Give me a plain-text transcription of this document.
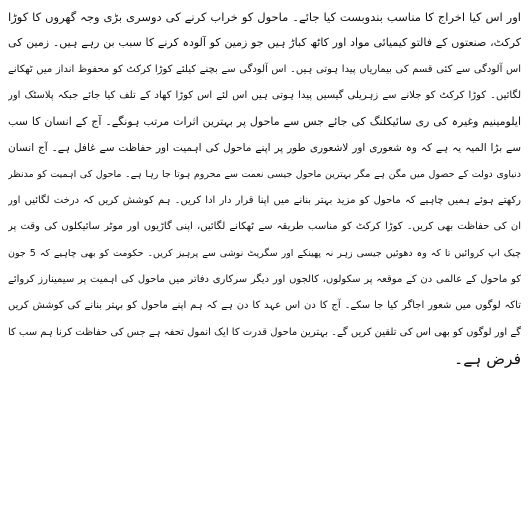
اور اس کیا اخراج کا مناسب بندوبست کیا جائے۔ ماحول کو خراب کرنے کی دوسری بڑی وجہ گھروں کا کوڑا
کرکٹ، صنعتوں کے فالتو کیمیائی مواد اور کاٹھ کباڑ ہیں جو زمین کو آلودہ کرنے کا سبب بن رہے ہیں۔ زمین کی
اس آلودگی سے کئی قسم کی بیماریاں پیدا ہوتی ہیں۔ اس آلودگی سے بچنے کیلئے کوڑا کرکٹ کو محفوظ انداز میں ٹھکانے
لگائیں۔ کوڑا کرکٹ کو جلانے سے زہریلی گیسیں پیدا ہوتی ہیں اس لئے اس کوڑا کھاد کے تلف کیا جائے جبکہ پلاسٹک اور
ایلومینیم وغیرہ کی ری سائیکلنگ کی جائے جس سے ماحول پر بہترین اثرات مرتب ہونگے۔ آج کے انسان کا سب
سے بڑا المیہ یہ ہے کہ وہ شعوری اور لاشعوری طور پر اپنے ماحول کی اہمیت اور حفاظت سے غافل ہے۔ آج انسان
دنیاوی دولت کے حصول میں مگن ہے مگر بہترین ماحول جیسی نعمت سے محروم ہوتا جا رہا ہے۔ ماحول کی اہمیت کو مدنظر
رکھتے ہوئے ہمیں چاہیے کہ ماحول کو مزید بہتر بنانے میں اپنا قرار دار ادا کریں۔ ہم کوشش کریں کہ درخت لگائیں اور
ان کی حفاظت بھی کریں۔ کوڑا کرکٹ کو مناسب طریقہ سے ٹھکانے لگائیں، اپنی گاڑیوں اور موٹر سائیکلوں کی وقت پر
چیک اپ کروائیں تا کہ وہ دھوئیں جیسی زہر نہ پھینکے اور سگریٹ نوشی سے پرہیز کریں۔ حکومت کو بھی چاہیے کہ 5 جون
کو ماحول کے عالمی دن کے موقعہ پر سکولوں، کالجوں اور دیگر سرکاری دفاتر میں ماحول کی اہمیت پر سیمینارز کروائے
تاکہ لوگوں میں شعور اجاگر کیا جا سکے۔ آج کا دن اس عہد کا دن ہے کہ ہم اپنے ماحول کو بہتر بنانے کی کوشش کریں
گے اور لوگوں کو بھی اس کی تلقین کریں گے۔ بہترین ماحول قدرت کا ایک انمول تحفہ ہے جس کی حفاظت کرنا ہم سب کا
فرض ہے۔
